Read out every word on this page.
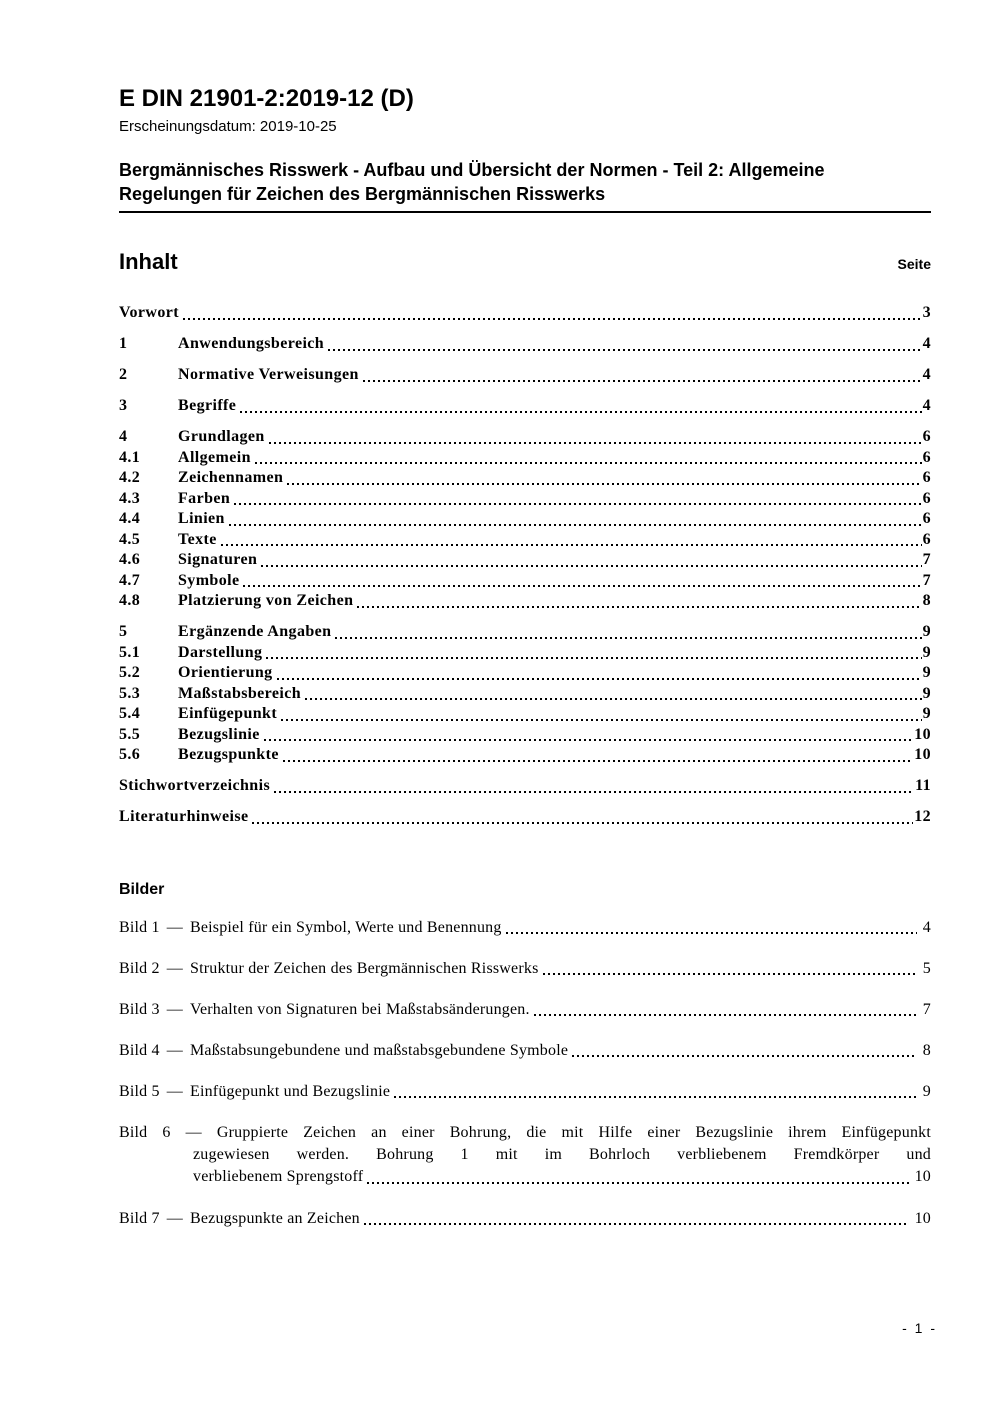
E DIN 21901-2:2019-12 (D)
Erscheinungsdatum: 2019-10-25
Bergmännisches Risswerk - Aufbau und Übersicht der Normen - Teil 2: Allgemeine Regelungen für Zeichen des Bergmännischen Risswerks
Inhalt	Seite
Vorwort	3
1	Anwendungsbereich	4
2	Normative Verweisungen	4
3	Begriffe	4
4	Grundlagen	6
4.1	Allgemein	6
4.2	Zeichennamen	6
4.3	Farben	6
4.4	Linien	6
4.5	Texte	6
4.6	Signaturen	7
4.7	Symbole	7
4.8	Platzierung von Zeichen	8
5	Ergänzende Angaben	9
5.1	Darstellung	9
5.2	Orientierung	9
5.3	Maßstabsbereich	9
5.4	Einfügepunkt	9
5.5	Bezugslinie	10
5.6	Bezugspunkte	10
Stichwortverzeichnis	11
Literaturhinweise	12
Bilder
Bild 1 — Beispiel für ein Symbol, Werte und Benennung	4
Bild 2 — Struktur der Zeichen des Bergmännischen Risswerks	5
Bild 3 — Verhalten von Signaturen bei Maßstabsänderungen.	7
Bild 4 — Maßstabsungebundene und maßstabsgebundene Symbole	8
Bild 5 — Einfügepunkt und Bezugslinie	9
Bild 6 — Gruppierte Zeichen an einer Bohrung, die mit Hilfe einer Bezugslinie ihrem Einfügepunkt
zugewiesen werden. Bohrung 1 mit im Bohrloch verbliebenem Fremdkörper und
verbliebenem Sprengstoff	10
Bild 7 — Bezugspunkte an Zeichen	10
- 1 -
